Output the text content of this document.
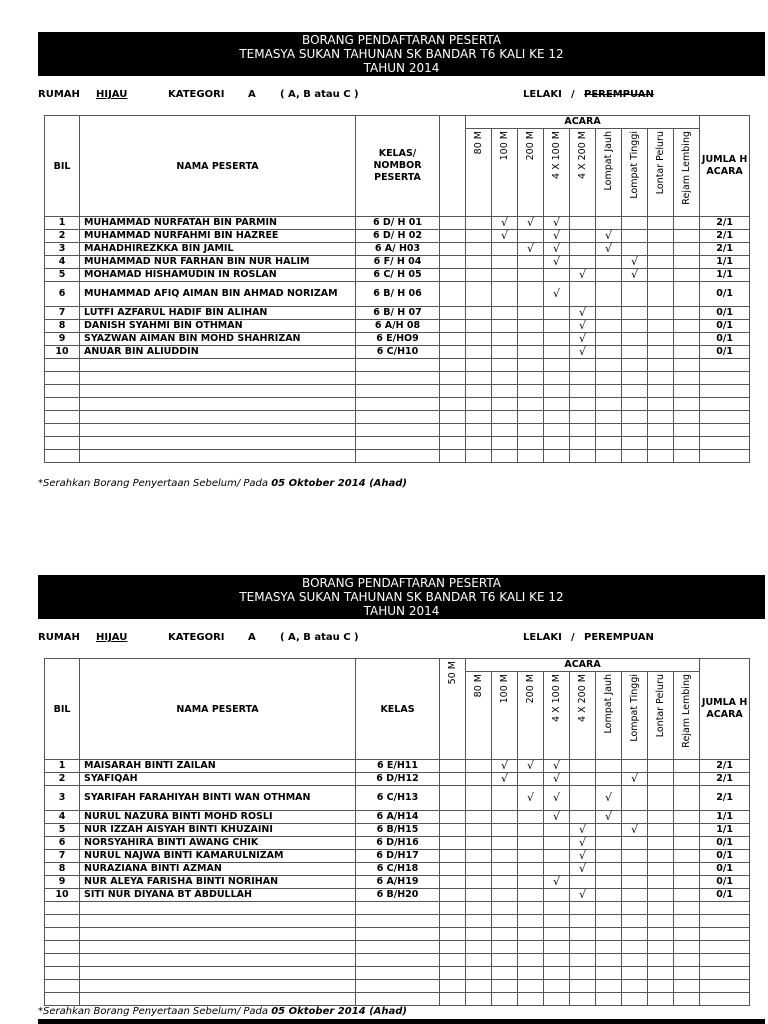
BORANG PENDAFTARAN PESERTA
TEMASYA SUKAN TAHUNAN SK BANDAR T6 KALI KE 12
TAHUN 2014
RUMAH HIJAU	KATEGORI A ( A, B atau C )	LELAKI / PEREMPUAN
BIL	NAMA PESERTA	KELAS/ NOMBOR PESERTA		ACARA									JUMLA H ACARA
				80 M	100 M	200 M	4 X 100 M	4 X 200 M	Lompat Jauh	Lompat Tinggi	Lontar Peluru	Rejam Lembing	
1	MUHAMMAD NURFATAH BIN PARMIN	6 D/ H 01			√	√	√						2/1
2	MUHAMMAD NURFAHMI BIN HAZREE	6 D/ H 02			√		√		√				2/1
3	MAHADHIREZKKA BIN JAMIL	6 A/ H03				√	√		√				2/1
4	MUHAMMAD NUR FARHAN BIN NUR HALIM	6 F/ H 04					√			√			1/1
5	MOHAMAD HISHAMUDIN IN ROSLAN	6 C/ H 05						√		√			1/1
6	MUHAMMAD AFIQ AIMAN BIN AHMAD NORIZAM	6 B/ H 06					√						0/1
7	LUTFI AZFARUL HADIF BIN ALIHAN	6 B/ H 07						√					0/1
8	DANISH SYAHMI BIN OTHMAN	6 A/H 08						√					0/1
9	SYAZWAN AIMAN BIN MOHD SHAHRIZAN	6 E/HO9						√					0/1
10	ANUAR BIN ALIUDDIN	6 C/H10						√					0/1

*Serahkan Borang Penyertaan Sebelum/ Pada 05 Oktober 2014 (Ahad)
BORANG PENDAFTARAN PESERTA
TEMASYA SUKAN TAHUNAN SK BANDAR T6 KALI KE 12
TAHUN 2014
RUMAH HIJAU	KATEGORI A ( A, B atau C )	LELAKI / PEREMPUAN
BIL	NAMA PESERTA	KELAS	50 M	ACARA									JUMLA H ACARA
				80 M	100 M	200 M	4 X 100 M	4 X 200 M	Lompat Jauh	Lompat Tinggi	Lontar Peluru	Rejam Lembing	
1	MAISARAH BINTI ZAILAN	6 E/H11			√	√	√						2/1
2	SYAFIQAH	6 D/H12			√		√			√			2/1
3	SYARIFAH FARAHIYAH BINTI WAN OTHMAN	6 C/H13				√	√		√				2/1
4	NURUL NAZURA BINTI MOHD ROSLI	6 A/H14					√		√				1/1
5	NUR IZZAH AISYAH BINTI KHUZAINI	6 B/H15						√		√			1/1
6	NORSYAHIRA BINTI AWANG CHIK	6 D/H16						√					0/1
7	NURUL NAJWA BINTI KAMARULNIZAM	6 D/H17						√					0/1
8	NURAZIANA BINTI AZMAN	6 C/H18						√					0/1
9	NUR ALEYA FARISHA BINTI NORIHAN	6 A/H19					√						0/1
10	SITI NUR DIYANA BT ABDULLAH	6 B/H20						√					0/1

*Serahkan Borang Penyertaan Sebelum/ Pada 05 Oktober 2014 (Ahad)
